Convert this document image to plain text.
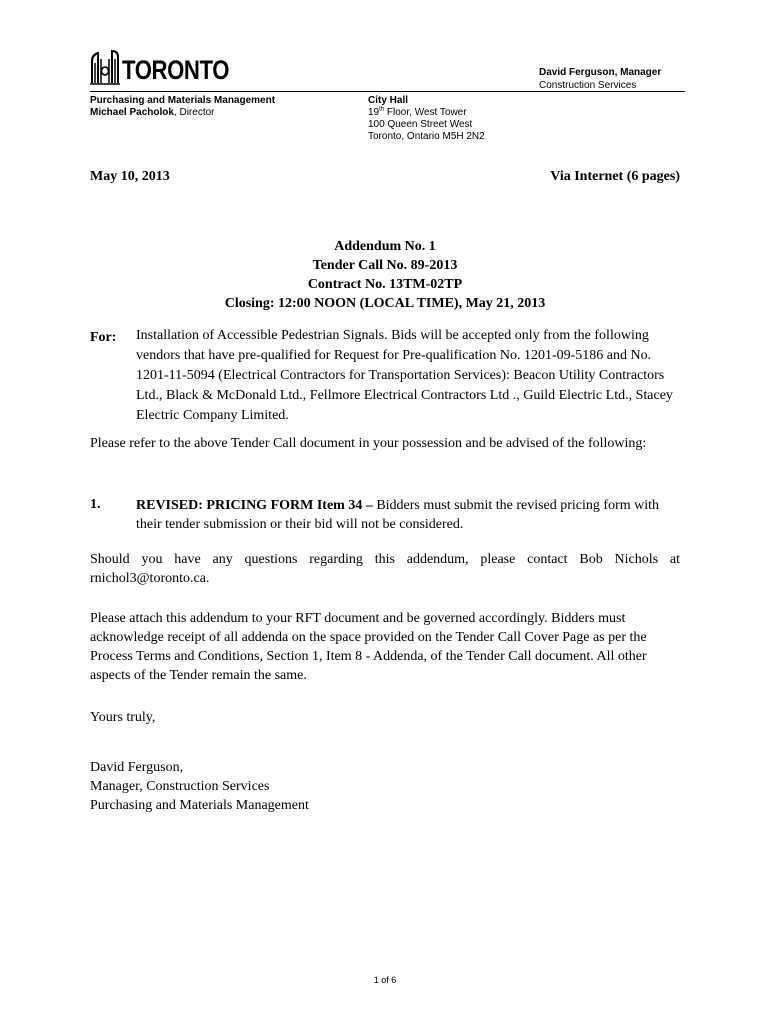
TORONTO	David Ferguson, Manager
Construction Services
Purchasing and Materials Management
Michael Pacholok, Director
City Hall
19th Floor, West Tower
100 Queen Street West
Toronto, Ontario M5H 2N2
May 10, 2013	Via Internet (6 pages)
Addendum No. 1
Tender Call No. 89-2013
Contract No. 13TM-02TP
Closing: 12:00 NOON (LOCAL TIME), May 21, 2013
For: Installation of Accessible Pedestrian Signals. Bids will be accepted only from the following vendors that have pre-qualified for Request for Pre-qualification No. 1201-09-5186 and No. 1201-11-5094 (Electrical Contractors for Transportation Services): Beacon Utility Contractors Ltd., Black & McDonald Ltd., Fellmore Electrical Contractors Ltd ., Guild Electric Ltd., Stacey Electric Company Limited.
Please refer to the above Tender Call document in your possession and be advised of the following:
1.	REVISED: PRICING FORM Item 34 – Bidders must submit the revised pricing form with their tender submission or their bid will not be considered.
Should you have any questions regarding this addendum, please contact Bob Nichols at rnichol3@toronto.ca.
Please attach this addendum to your RFT document and be governed accordingly. Bidders must acknowledge receipt of all addenda on the space provided on the Tender Call Cover Page as per the Process Terms and Conditions, Section 1, Item 8 - Addenda, of the Tender Call document. All other aspects of the Tender remain the same.
Yours truly,
David Ferguson,
Manager, Construction Services
Purchasing and Materials Management
1 of 6
